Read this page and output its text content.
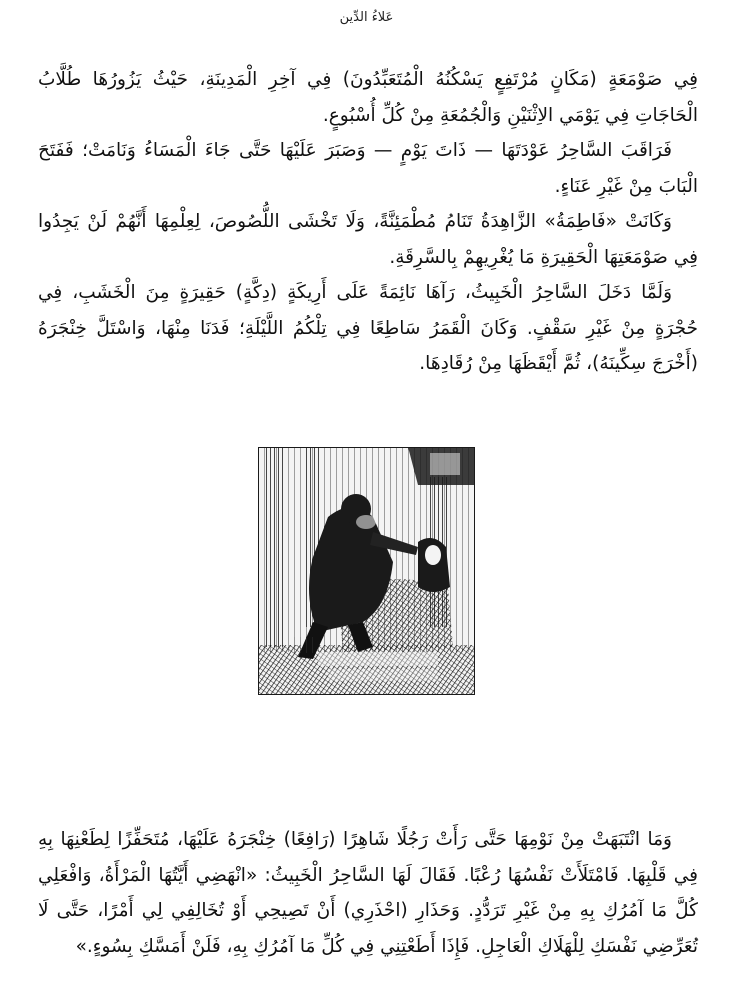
عَلاءُ الدِّين

فِي صَوْمَعَةٍ (مَكَانٍ مُرْتَفِعٍ يَسْكُنُهُ الْمُتَعَبِّدُونَ) فِي آخِرِ الْمَدِينَةِ، حَيْثُ يَزُورُهَا طُلَّابُ الْحَاجَاتِ فِي يَوْمَي الاِثْنَيْنِ وَالْجُمُعَةِ مِنْ كُلِّ أُسْبُوعٍ.

فَرَاقَبَ السَّاحِرُ عَوْدَتَهَا — ذَاتَ يَوْمٍ — وَصَبَرَ عَلَيْهَا حَتَّى جَاءَ الْمَسَاءُ وَنَامَتْ؛ فَفَتَحَ الْبَابَ مِنْ غَيْرِ عَنَاءٍ.

وَكَانَتْ «فَاطِمَةُ» الزَّاهِدَةُ تَنَامُ مُطْمَئِنَّةً، وَلَا تَخْشَى اللُّصُوصَ، لِعِلْمِهَا أَنَّهُمْ لَنْ يَجِدُوا فِي صَوْمَعَتِهَا الْحَقِيرَةِ مَا يُغْرِيهِمْ بِالسَّرِقَةِ.

وَلَمَّا دَخَلَ السَّاحِرُ الْخَبِيثُ، رَآهَا نَائِمَةً عَلَى أَرِيكَةٍ (دِكَّةٍ) حَقِيرَةٍ مِنَ الْخَشَبِ، فِي حُجْرَةٍ مِنْ غَيْرِ سَقْفٍ. وَكَانَ الْقَمَرُ سَاطِعًا فِي تِلْكُمُ اللَّيْلَةِ؛ فَدَنَا مِنْهَا، وَاسْتَلَّ خِنْجَرَهُ (أَخْرَجَ سِكِّينَهُ)، ثُمَّ أَيْقَظَهَا مِنْ رُقَادِهَا.

وَمَا انْتَبَهَتْ مِنْ نَوْمِهَا حَتَّى رَأَتْ رَجُلًا شَاهِرًا (رَافِعًا) خِنْجَرَهُ عَلَيْهَا، مُتَحَفِّزًا لِطَعْنِهَا بِهِ فِي قَلْبِهَا. فَامْتَلَأَتْ نَفْسُهَا رُعْبًا. فَقَالَ لَهَا السَّاحِرُ الْخَبِيثُ: «انْهَضِي أَيَّتُهَا الْمَرْأَةُ، وَافْعَلِي كُلَّ مَا آمُرُكِ بِهِ مِنْ غَيْرِ تَرَدُّدٍ. وَحَذَارِ (احْذَرِي) أَنْ تَصِيحِي أَوْ تُخَالِفِي لِي أَمْرًا، حَتَّى لَا تُعَرِّضِي نَفْسَكِ لِلْهَلَاكِ الْعَاجِلِ. فَإِذَا أَطَعْتِنِي فِي كُلِّ مَا آمُرُكِ بِهِ، فَلَنْ أَمَسَّكِ بِسُوءٍ.»
